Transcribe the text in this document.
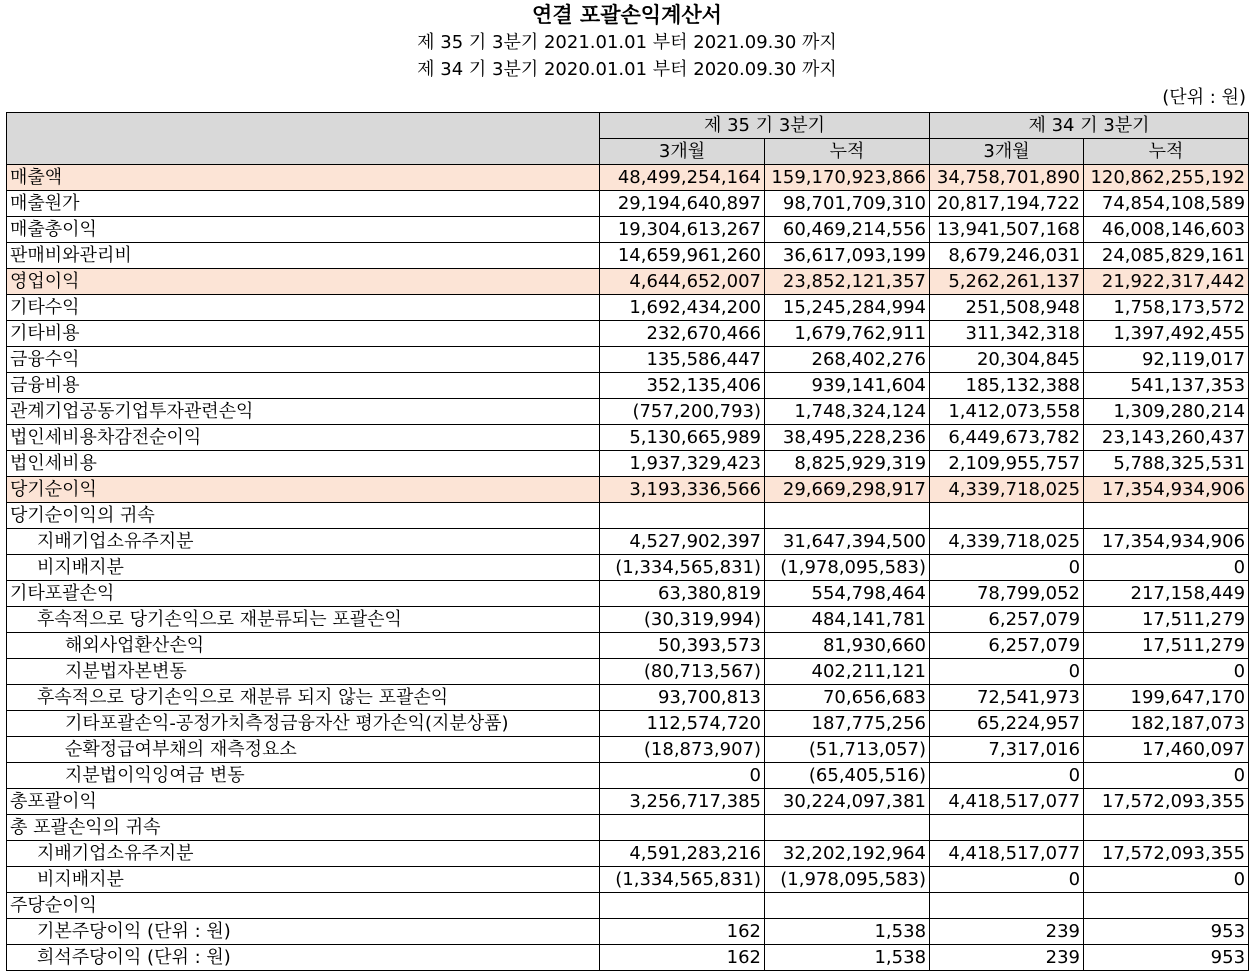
연결 포괄손익계산서
제 35 기 3분기 2021.01.01 부터 2021.09.30 까지
제 34 기 3분기 2020.01.01 부터 2020.09.30 까지
(단위 : 원)
	제 35 기 3분기		제 34 기 3분기	
	3개월	누적	3개월	누적
매출액	48,499,254,164	159,170,923,866	34,758,701,890	120,862,255,192
매출원가	29,194,640,897	98,701,709,310	20,817,194,722	74,854,108,589
매출총이익	19,304,613,267	60,469,214,556	13,941,507,168	46,008,146,603
판매비와관리비	14,659,961,260	36,617,093,199	8,679,246,031	24,085,829,161
영업이익	4,644,652,007	23,852,121,357	5,262,261,137	21,922,317,442
기타수익	1,692,434,200	15,245,284,994	251,508,948	1,758,173,572
기타비용	232,670,466	1,679,762,911	311,342,318	1,397,492,455
금융수익	135,586,447	268,402,276	20,304,845	92,119,017
금융비용	352,135,406	939,141,604	185,132,388	541,137,353
관계기업공동기업투자관련손익	(757,200,793)	1,748,324,124	1,412,073,558	1,309,280,214
법인세비용차감전순이익	5,130,665,989	38,495,228,236	6,449,673,782	23,143,260,437
법인세비용	1,937,329,423	8,825,929,319	2,109,955,757	5,788,325,531
당기순이익	3,193,336,566	29,669,298,917	4,339,718,025	17,354,934,906
당기순이익의 귀속				
지배기업소유주지분	4,527,902,397	31,647,394,500	4,339,718,025	17,354,934,906
비지배지분	(1,334,565,831)	(1,978,095,583)	0	0
기타포괄손익	63,380,819	554,798,464	78,799,052	217,158,449
후속적으로 당기손익으로 재분류되는 포괄손익	(30,319,994)	484,141,781	6,257,079	17,511,279
해외사업환산손익	50,393,573	81,930,660	6,257,079	17,511,279
지분법자본변동	(80,713,567)	402,211,121	0	0
후속적으로 당기손익으로 재분류 되지 않는 포괄손익	93,700,813	70,656,683	72,541,973	199,647,170
기타포괄손익-공정가치측정금융자산 평가손익(지분상품)	112,574,720	187,775,256	65,224,957	182,187,073
순확정급여부채의 재측정요소	(18,873,907)	(51,713,057)	7,317,016	17,460,097
지분법이익잉여금 변동	0	(65,405,516)	0	0
총포괄이익	3,256,717,385	30,224,097,381	4,418,517,077	17,572,093,355
총 포괄손익의 귀속				
지배기업소유주지분	4,591,283,216	32,202,192,964	4,418,517,077	17,572,093,355
비지배지분	(1,334,565,831)	(1,978,095,583)	0	0
주당순이익				
기본주당이익 (단위 : 원)	162	1,538	239	953
희석주당이익 (단위 : 원)	162	1,538	239	953
